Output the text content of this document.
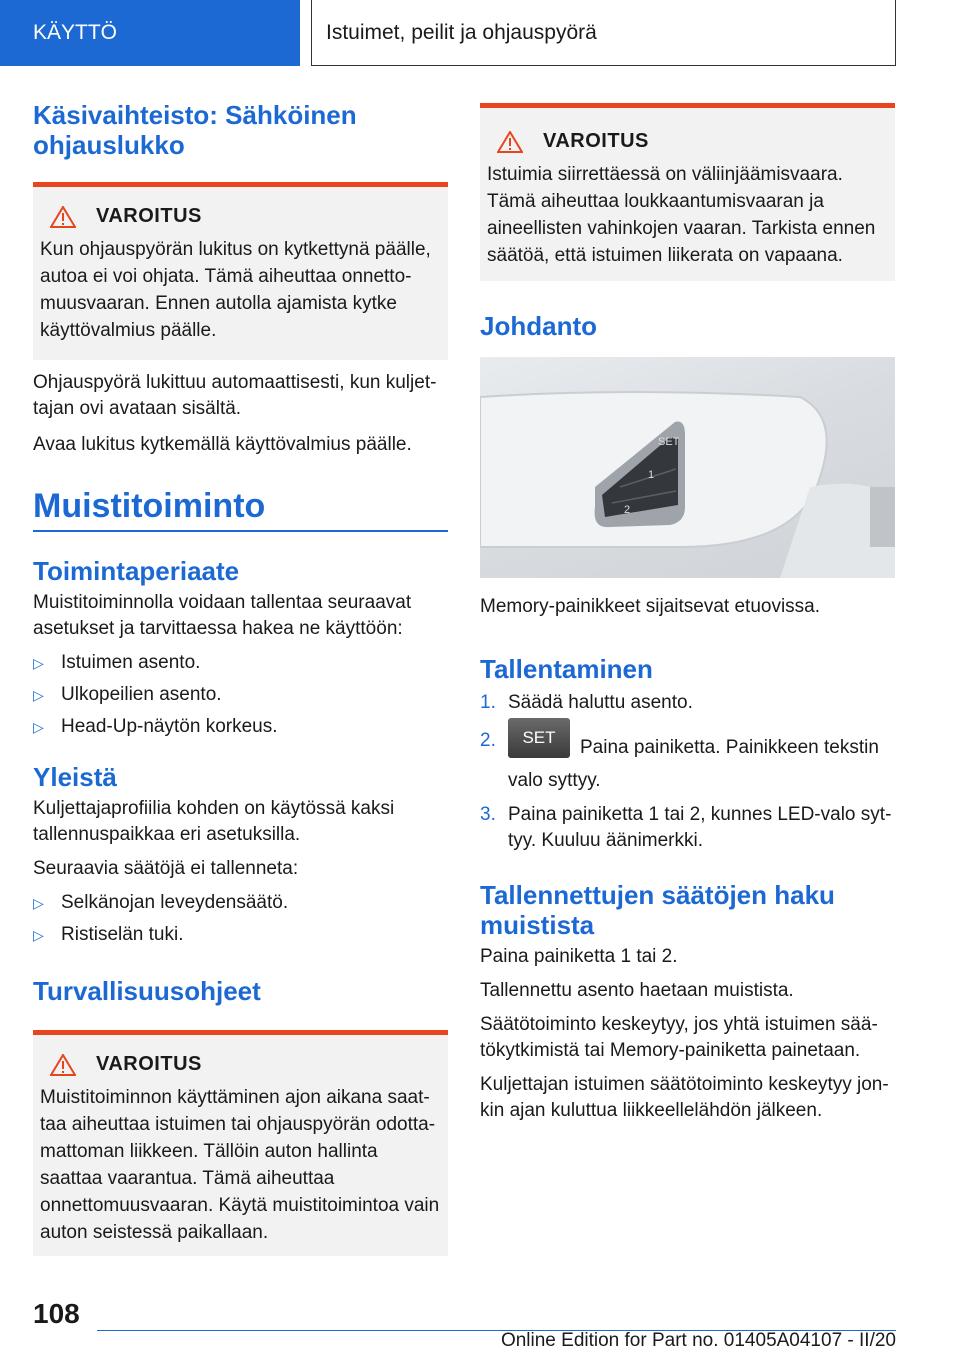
KÄYTTÖ	Istuimet, peilit ja ohjauspyörä
Käsivaihteisto: Sähköinen ohjauslukko
VAROITUS

Kun ohjauspyörän lukitus on kytkettynä päälle, autoa ei voi ohjata. Tämä aiheuttaa onnettomuusvaaran. Ennen autolla ajamista kytke käyttövalmius päälle.

Ohjauspyörä lukittuu automaattisesti, kun kuljettajan ovi avataan sisältä.

Avaa lukitus kytkemällä käyttövalmius päälle.

Muistitoiminto
Toimintaperiaate

Muistitoiminnolla voidaan tallentaa seuraavat asetukset ja tarvittaessa hakea ne käyttöön:

▷ Istuimen asento.
▷ Ulkopeilien asento.
▷ Head-Up-näytön korkeus.
Yleistä

Kuljettajaprofiilia kohden on käytössä kaksi tallennuspaikkaa eri asetuksilla.

Seuraavia säätöjä ei tallenneta:

▷ Selkänojan leveydensäätö.
▷ Ristiselän tuki.
Turvallisuusohjeet
VAROITUS

Muistitoiminnon käyttäminen ajon aikana saattaa aiheuttaa istuimen tai ohjauspyörän odottamattoman liikkeen. Tällöin auton hallinta saattaa vaarantua. Tämä aiheuttaa onnettomuusvaaran. Käytä muistitoimintoa vain auton seistessä paikallaan.

VAROITUS

Istuimia siirrettäessä on väliinjäämisvaara. Tämä aiheuttaa loukkaantumisvaaran ja aineellisten vahinkojen vaaran. Tarkista ennen säätöä, että istuimen liikerata on vapaana.

Johdanto
SET
1
2

Memory-painikkeet sijaitsevat etuovissa.

Tallentaminen
1. Säädä haluttu asento.
2. SET Paina painiketta. Painikkeen tekstin valo syttyy.
3. Paina painiketta 1 tai 2, kunnes LED-valo syttyy. Kuuluu äänimerkki.
Tallennettujen säätöjen haku muistista

Paina painiketta 1 tai 2.

Tallennettu asento haetaan muistista.

Säätötoiminto keskeytyy, jos yhtä istuimen säätökytkimistä tai Memory-painiketta painetaan.

Kuljettajan istuimen säätötoiminto keskeytyy jonkin ajan kuluttua liikkeellelähdön jälkeen.

108
Online Edition for Part no. 01405A04107 - II/20
